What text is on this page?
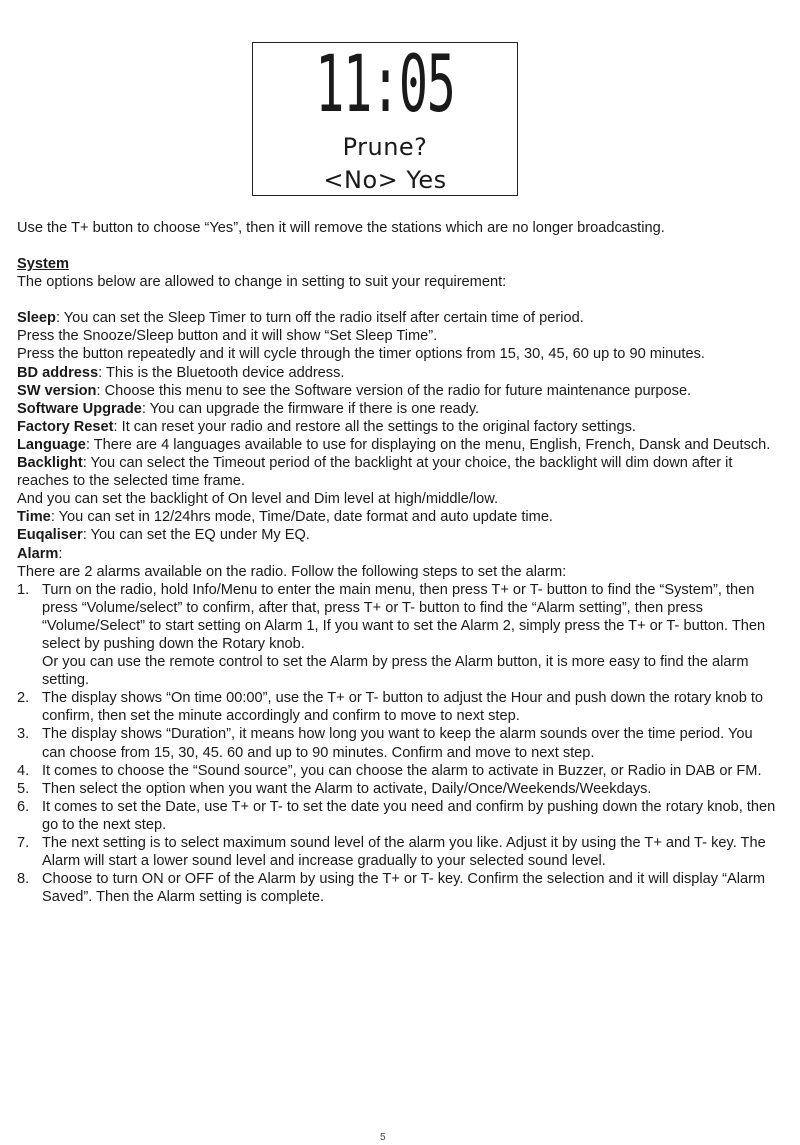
11:05
Prune?
<No> Yes

Use the T+ button to choose “Yes”, then it will remove the stations which are no longer broadcasting.

System

The options below are allowed to change in setting to suit your requirement:

Sleep: You can set the Sleep Timer to turn off the radio itself after certain time of period.

Press the Snooze/Sleep button and it will show “Set Sleep Time”.

Press the button repeatedly and it will cycle through the timer options from 15, 30, 45, 60 up to 90 minutes.

BD address: This is the Bluetooth device address.

SW version: Choose this menu to see the Software version of the radio for future maintenance purpose.

Software Upgrade: You can upgrade the firmware if there is one ready.

Factory Reset: It can reset your radio and restore all the settings to the original factory settings.

Language: There are 4 languages available to use for displaying on the menu, English, French, Dansk and Deutsch.

Backlight: You can select the Timeout period of the backlight at your choice, the backlight will dim down after it reaches to the selected time frame.

And you can set the backlight of On level and Dim level at high/middle/low.

Time: You can set in 12/24hrs mode, Time/Date, date format and auto update time.

Euqaliser: You can set the EQ under My EQ.

Alarm:

There are 2 alarms available on the radio. Follow the following steps to set the alarm:

1. Turn on the radio, hold Info/Menu to enter the main menu, then press T+ or T- button to find the “System”, then press “Volume/select” to confirm, after that, press T+ or T- button to find the “Alarm setting”, then press “Volume/Select” to start setting on Alarm 1, If you want to set the Alarm 2, simply press the T+ or T- button. Then select by pushing down the Rotary knob.
Or you can use the remote control to set the Alarm by press the Alarm button, it is more easy to find the alarm setting.
2. The display shows “On time 00:00”, use the T+ or T- button to adjust the Hour and push down the rotary knob to confirm, then set the minute accordingly and confirm to move to next step.
3. The display shows “Duration”, it means how long you want to keep the alarm sounds over the time period. You can choose from 15, 30, 45. 60 and up to 90 minutes. Confirm and move to next step.
4. It comes to choose the “Sound source”, you can choose the alarm to activate in Buzzer, or Radio in DAB or FM.
5. Then select the option when you want the Alarm to activate, Daily/Once/Weekends/Weekdays.
6. It comes to set the Date, use T+ or T- to set the date you need and confirm by pushing down the rotary knob, then go to the next step.
7. The next setting is to select maximum sound level of the alarm you like. Adjust it by using the T+ and T- key. The Alarm will start a lower sound level and increase gradually to your selected sound level.
8. Choose to turn ON or OFF of the Alarm by using the T+ or T- key. Confirm the selection and it will display “Alarm Saved”. Then the Alarm setting is complete.
5
